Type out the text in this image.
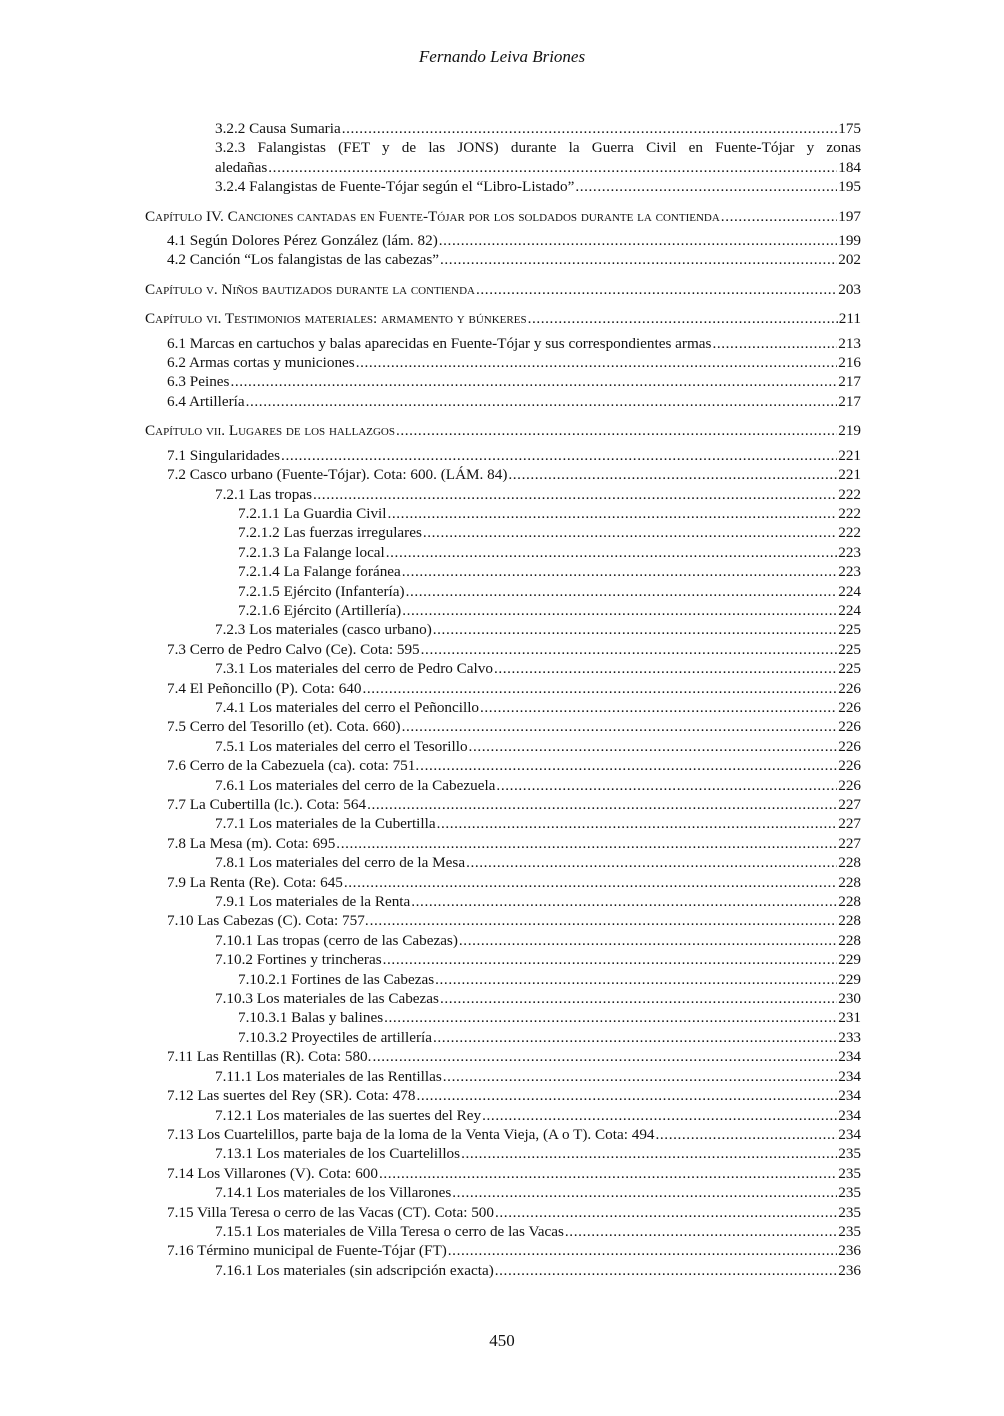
Fernando Leiva Briones
3.2.2 Causa Sumaria .....	175
3.2.3 Falangistas (FET y de las JONS) durante la Guerra Civil en Fuente-Tójar y zonas
aledañas .....	184
3.2.4 Falangistas de Fuente-Tójar según el “Libro-Listado” .....	195
Capítulo IV. Canciones cantadas en Fuente-Tójar por los soldados durante la contienda .....	197
4.1 Según Dolores Pérez González (lám. 82) .....	199
4.2 Canción “Los falangistas de las cabezas” .....	202
Capítulo v. Niños bautizados durante la contienda .....	203
Capítulo vi. Testimonios materiales: armamento y búnkeres .....	211
6.1 Marcas en cartuchos y balas aparecidas en Fuente-Tójar y sus correspondientes armas .....	213
6.2 Armas cortas y municiones .....	216
6.3 Peines .....	217
6.4 Artillería .....	217
Capítulo vii. Lugares de los hallazgos .....	219
7.1 Singularidades .....	221
7.2 Casco urbano (Fuente-Tójar). Cota: 600. (LÁM. 84) .....	221
7.2.1 Las tropas .....	222
7.2.1.1 La Guardia Civil .....	222
7.2.1.2 Las fuerzas irregulares .....	222
7.2.1.3 La Falange local .....	223
7.2.1.4 La Falange foránea .....	223
7.2.1.5 Ejército (Infantería) .....	224
7.2.1.6 Ejército (Artillería) .....	224
7.2.3 Los materiales (casco urbano) .....	225
7.3 Cerro de Pedro Calvo (Ce). Cota: 595 .....	225
7.3.1 Los materiales del cerro de Pedro Calvo .....	225
7.4 El Peñoncillo (P). Cota: 640 .....	226
7.4.1 Los materiales del cerro el Peñoncillo .....	226
7.5 Cerro del Tesorillo (et). Cota. 660) .....	226
7.5.1 Los materiales del cerro el Tesorillo .....	226
7.6 Cerro de la Cabezuela (ca). cota: 751. .....	226
7.6.1 Los materiales del cerro de la Cabezuela .....	226
7.7 La Cubertilla (lc.). Cota: 564 .....	227
7.7.1 Los materiales de la Cubertilla .....	227
7.8 La Mesa (m). Cota: 695 .....	227
7.8.1 Los materiales del cerro de la Mesa .....	228
7.9 La Renta (Re). Cota: 645 .....	228
7.9.1 Los materiales de la Renta .....	228
7.10 Las Cabezas (C). Cota: 757. .....	228
7.10.1 Las tropas (cerro de las Cabezas) .....	228
7.10.2 Fortines y trincheras .....	229
7.10.2.1 Fortines de las Cabezas .....	229
7.10.3 Los materiales de las Cabezas .....	230
7.10.3.1 Balas y balines .....	231
7.10.3.2 Proyectiles de artillería .....	233
7.11 Las Rentillas (R). Cota: 580. .....	234
7.11.1 Los materiales de las Rentillas .....	234
7.12 Las suertes del Rey (SR). Cota: 478 .....	234
7.12.1 Los materiales de las suertes del Rey .....	234
7.13 Los Cuartelillos, parte baja de la loma de la Venta Vieja, (A o T). Cota: 494 .....	234
7.13.1 Los materiales de los Cuartelillos .....	235
7.14 Los Villarones (V). Cota: 600 .....	235
7.14.1 Los materiales de los Villarones .....	235
7.15 Villa Teresa o cerro de las Vacas (CT). Cota: 500 .....	235
7.15.1 Los materiales de Villa Teresa o cerro de las Vacas .....	235
7.16 Término municipal de Fuente-Tójar (FT) .....	236
7.16.1 Los materiales (sin adscripción exacta) .....	236
450
